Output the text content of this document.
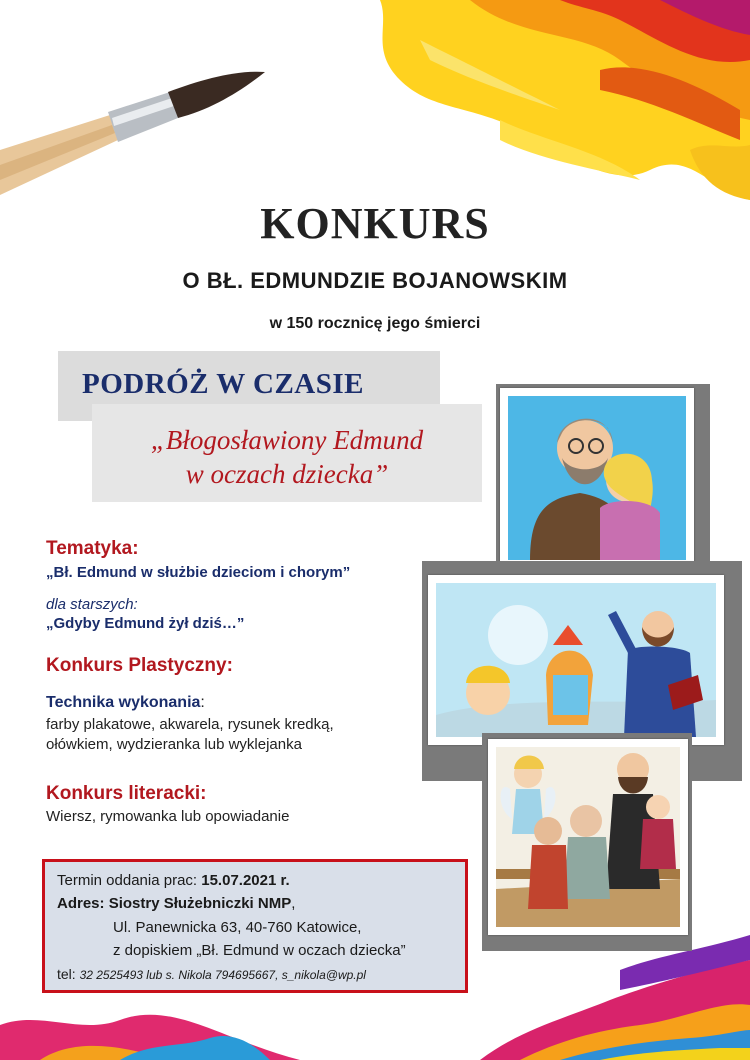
KONKURS
O BŁ. EDMUNDZIE BOJANOWSKIM
w 150 rocznicę jego śmierci
PODRÓŻ W CZASIE
„Błogosławiony Edmund
w oczach dziecka”
Tematyka:
„Bł. Edmund w służbie dzieciom i chorym”
dla starszych:
„Gdyby Edmund żył dziś…”
Konkurs Plastyczny:
Technika wykonania:
farby plakatowe, akwarela, rysunek kredką,
ołówkiem, wydzieranka lub wyklejanka
Konkurs literacki:
Wiersz, rymowanka lub opowiadanie
Termin oddania prac: 15.07.2021 r.
Adres: Siostry Służebniczki NMP,
Ul. Panewnicka 63, 40-760 Katowice,
z dopiskiem „Bł. Edmund w oczach dziecka”
tel: 32 2525493 lub s. Nikola 794695667, s_nikola@wp.pl
